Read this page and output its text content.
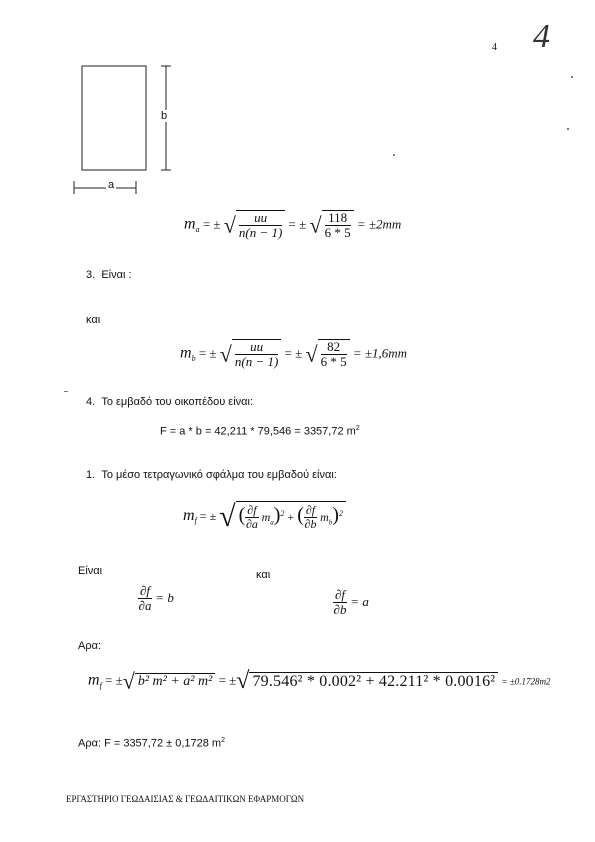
4 4
b
a
$m_a$ = ± √ $\frac{uu}{n(n - 1)}$ = ± √ $\frac{118}{6 * 5} = \pm 2mm$
3. Είναι :
και
$m_b$ = ± √ $\frac{uu}{n(n - 1)}$ = ± √ $\frac{82}{6 * 5} = \pm 1,6mm$
4. Το εμβαδό του οικοπέδου είναι:
F = a * b = 42,211 * 79,546 = 3357,72 $m^2$
1. Το μέσο τετραγωνικό σφάλμα του εμβαδού είναι:
$m_f$ = ± √ ( $\frac{\partial f}{\partial a} m_a)^2$ + ( $\frac{\partial f}{\partial b} m_b)^2$
Είναι	και
$\frac{\partial f}{\partial a} = b$	$\frac{\partial f}{\partial b} = a$
Αρα:
$m_f$ = ±√ b² m² + a² m² = ±√ 79.546² * 0.002² + 42.211² * 0.0016² = ±0.1728m2
Αρα: F = 3357,72 ± 0,1728 $m^2$
ΕΡΓΑΣΤΗΡΙΟ ΓΕΩΔΑΙΣΙΑΣ & ΓΕΩΔΑΙΤΙΚΩΝ ΕΦΑΡΜΟΓΩΝ
